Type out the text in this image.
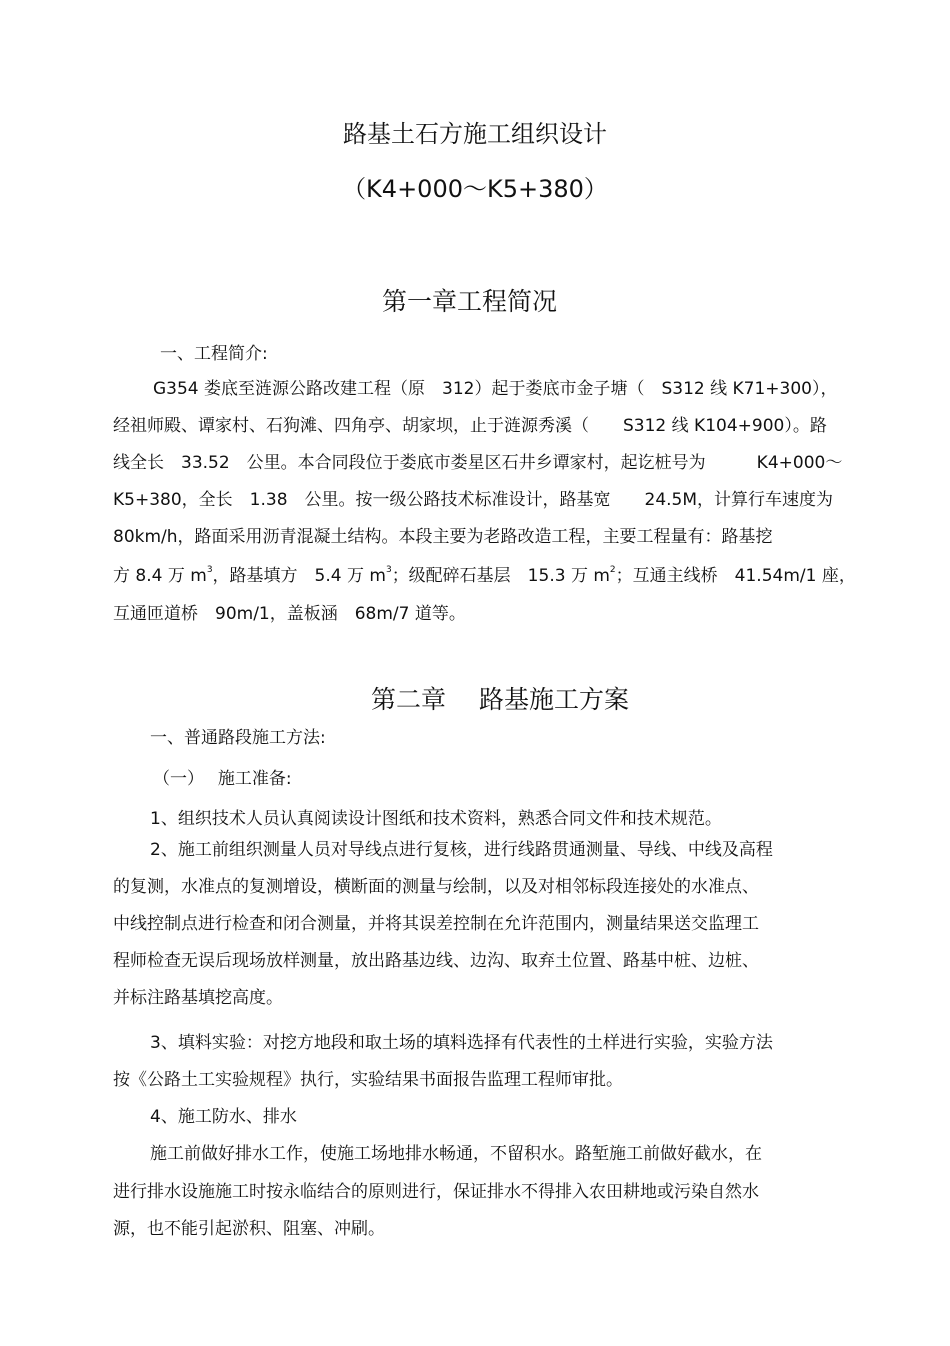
路基土石方施工组织设计
（K4+000～K5+380）
第一章工程简况
一、工程简介:
G354 娄底至涟源公路改建工程（原　312）起于娄底市金子塘（　S312 线 K71+300），
经祖师殿、谭家村、石狗滩、四角亭、胡家坝，止于涟源秀溪（　　S312 线 K104+900）。路
线全长　33.52　公里。本合同段位于娄底市娄星区石井乡谭家村，起讫桩号为　　　K4+000～
K5+380，全长　1.38　公里。按一级公路技术标准设计，路基宽　　24.5M，计算行车速度为
80km/h，路面采用沥青混凝土结构。本段主要为老路改造工程，主要工程量有：路基挖
方 8.4 万 $m^3$，路基填方　5.4 万 $m^3$；级配碎石基层　15.3 万 $m^2$；互通主线桥　41.54m/1 座，
互通匝道桥　90m/1，盖板涵　68m/7 道等。
第二章　 路基施工方案
一、普通路段施工方法:
（一）　 施工准备:
1、组织技术人员认真阅读设计图纸和技术资料，熟悉合同文件和技术规范。
2、施工前组织测量人员对导线点进行复核，进行线路贯通测量、导线、中线及高程
的复测，水准点的复测增设，横断面的测量与绘制，以及对相邻标段连接处的水准点、
中线控制点进行检查和闭合测量，并将其误差控制在允许范围内，测量结果送交监理工
程师检查无误后现场放样测量，放出路基边线、边沟、取弃土位置、路基中桩、边桩、
并标注路基填挖高度。
3、填料实验：对挖方地段和取土场的填料选择有代表性的土样进行实验，实验方法
按《公路土工实验规程》执行，实验结果书面报告监理工程师审批。
4、施工防水、排水
施工前做好排水工作，使施工场地排水畅通，不留积水。路堑施工前做好截水，在
进行排水设施施工时按永临结合的原则进行，保证排水不得排入农田耕地或污染自然水
源，也不能引起淤积、阻塞、冲刷。
